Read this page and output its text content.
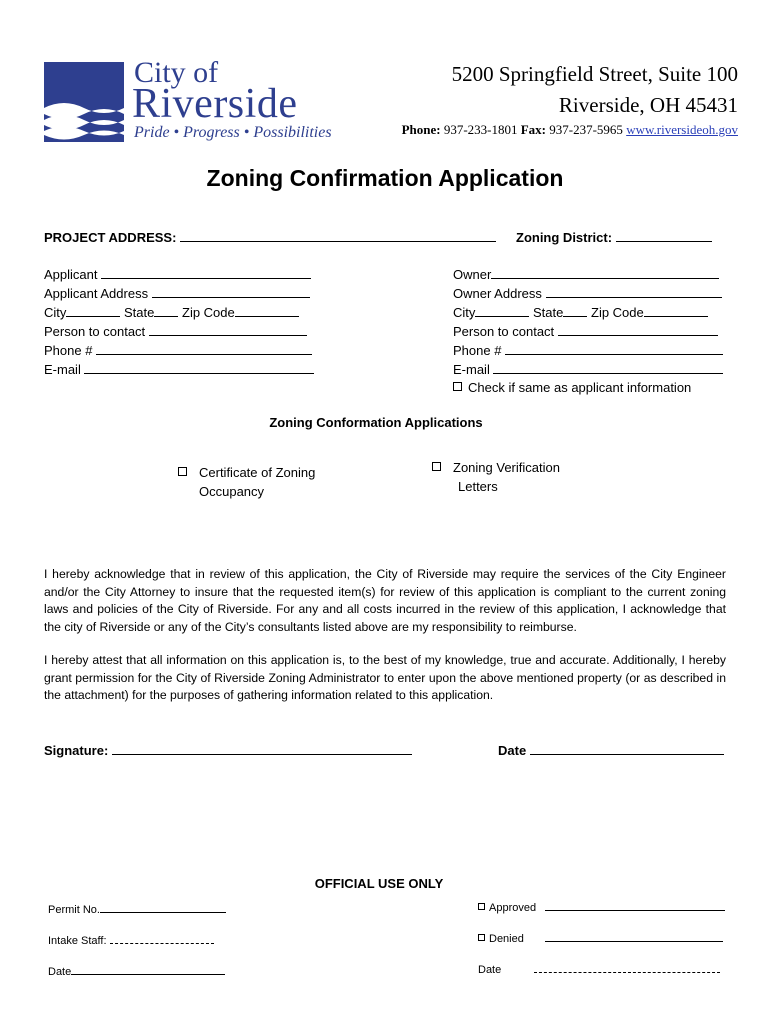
City of
Riverside
Pride • Progress • Possibilities
5200 Springfield Street, Suite 100
Riverside, OH 45431
Phone: 937-233-1801 Fax: 937-237-5965 www.riversideoh.gov
Zoning Confirmation Application
PROJECT ADDRESS:	Zoning District:
Applicant
Applicant Address
City	State Zip Code
Person to contact
Phone #
E-mail
Owner
Owner Address
City	State Zip Code
Person to contact
Phone #
E-mail
Check if same as applicant information
Zoning Conformation Applications
Certificate of Zoning
Occupancy
Zoning Verification
Letters
I hereby acknowledge that in review of this application, the City of Riverside may require the services of the City Engineer and/or the City Attorney to insure that the requested item(s) for review of this application is compliant to the current zoning laws and policies of the City of Riverside. For any and all costs incurred in the review of this application, I acknowledge that the city of Riverside or any of the City’s consultants listed above are my responsibility to reimburse.
I hereby attest that all information on this application is, to the best of my knowledge, true and accurate. Additionally, I hereby grant permission for the City of Riverside Zoning Administrator to enter upon the above mentioned property (or as described in the attachment) for the purposes of gathering information related to this application.
Signature:	Date
OFFICIAL USE ONLY
Permit No.
Intake Staff:
Date
Approved
Denied
Date
